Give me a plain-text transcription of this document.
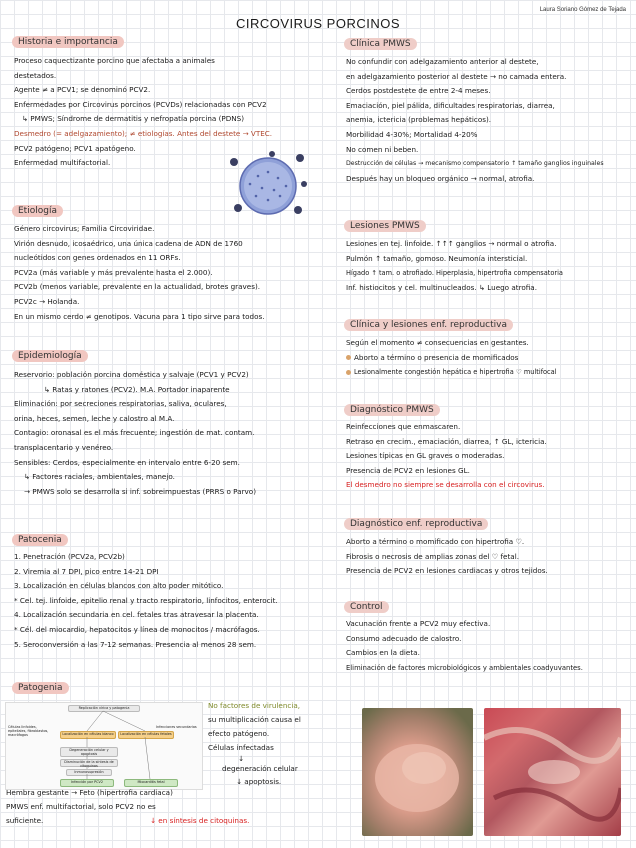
Laura Soriano Gómez de Tejada
CIRCOVIRUS PORCINOS
Historia e importancia
Proceso caquectizante porcino que afectaba a animales
destetados.
Agente ≠ a PCV1; se denominó PCV2.
Enfermedades por Circovirus porcinos (PCVDs) relacionadas con PCV2
↳ PMWS; Síndrome de dermatitis y nefropatía porcina (PDNS)
Desmedro (= adelgazamiento); ≠ etiologías. Antes del destete → VTEC.
PCV2 patógeno; PCV1 apatógeno.
Enfermedad multifactorial.
Etiología
Género circovirus; Familia Circoviridae.
Virión desnudo, icosaédrico, una única cadena de ADN de 1760
nucleótidos con genes ordenados en 11 ORFs.
PCV2a (más variable y más prevalente hasta el 2.000).
PCV2b (menos variable, prevalente en la actualidad, brotes graves).
PCV2c → Holanda.
En un mismo cerdo ≠ genotipos. Vacuna para 1 tipo sirve para todos.
Epidemiología
Reservorio: población porcina doméstica y salvaje (PCV1 y PCV2)
↳ Ratas y ratones (PCV2). M.A. Portador inaparente
Eliminación: por secreciones respiratorias, saliva, oculares,
orina, heces, semen, leche y calostro al M.A.
Contagio: oronasal es el más frecuente; ingestión de mat. contam.
transplacentario y venéreo.
Sensibles: Cerdos, especialmente en intervalo entre 6-20 sem.
↳ Factores raciales, ambientales, manejo.
→ PMWS solo se desarrolla si inf. sobreimpuestas (PRRS o Parvo)
Patocenia
1. Penetración (PCV2a, PCV2b)
2. Viremia al 7 DPI, pico entre 14-21 DPI
3. Localización en células blancos con alto poder mitótico.
* Cel. tej. linfoide, epitelio renal y tracto respiratorio, linfocitos, enterocit.
4. Localización secundaria en cel. fetales tras atravesar la placenta.
* Cél. del miocardio, hepatocitos y línea de monocitos / macrófagos.
5. Seroconversión a las 7-12 semanas. Presencia al menos 28 sem.
Patogenia
Replicación vírica y patogenia
Células linfoides, epiteliales, fibroblastos, macrófagos	Localización en células blanco	Localización en células fetales
Degeneración celular y apoptosis
Disminución de la síntesis de citoquinas
Inmunosupresión
Infección por PCV2	Miocarditis fetal
Infecciones secundarias
No factores de virulencia,
su multiplicación causa el
efecto patógeno.
Células infectadas
↓
degeneración celular
↓ apoptosis.
Hembra gestante → Feto (hipertrofia cardiaca)
PMWS enf. multifactorial, solo PCV2 no es
suficiente.	↓ en síntesis de citoquinas.
Clínica PMWS
No confundir con adelgazamiento anterior al destete,
en adelgazamiento posterior al destete → no camada entera.
Cerdos postdestete de entre 2-4 meses.
Emaciación, piel pálida, dificultades respiratorias, diarrea,
anemia, ictericia (problemas hepáticos).
Morbilidad 4-30%; Mortalidad 4-20%
No comen ni beben.
Destrucción de células → mecanismo compensatorio ↑ tamaño ganglios inguinales
Después hay un bloqueo orgánico → normal, atrofia.
Lesiones PMWS
Lesiones en tej. linfoide. ↑↑↑ ganglios → normal o atrofia.
Pulmón ↑ tamaño, gomoso. Neumonía intersticial.
Hígado ↑ tam. o atrofiado. Hiperplasia, hipertrofia compensatoria
Inf. histiocitos y cel. multinucleados. ↳ Luego atrofia.
Clínica y lesiones enf. reproductiva
Según el momento ≠ consecuencias en gestantes.
Aborto a término o presencia de momificados
Lesionalmente congestión hepática e hipertrofia ♡ multifocal
Diagnóstico PMWS
Reinfecciones que enmascaren.
Retraso en crecim., emaciación, diarrea, ↑ GL, ictericia.
Lesiones típicas en GL graves o moderadas.
Presencia de PCV2 en lesiones GL.
El desmedro no siempre se desarrolla con el circovirus.
Diagnóstico enf. reproductiva
Aborto a término o momificado con hipertrofia ♡.
Fibrosis o necrosis de amplias zonas del ♡ fetal.
Presencia de PCV2 en lesiones cardiacas y otros tejidos.
Control
Vacunación frente a PCV2 muy efectiva.
Consumo adecuado de calostro.
Cambios en la dieta.
Eliminación de factores microbiológicos y ambientales coadyuvantes.
